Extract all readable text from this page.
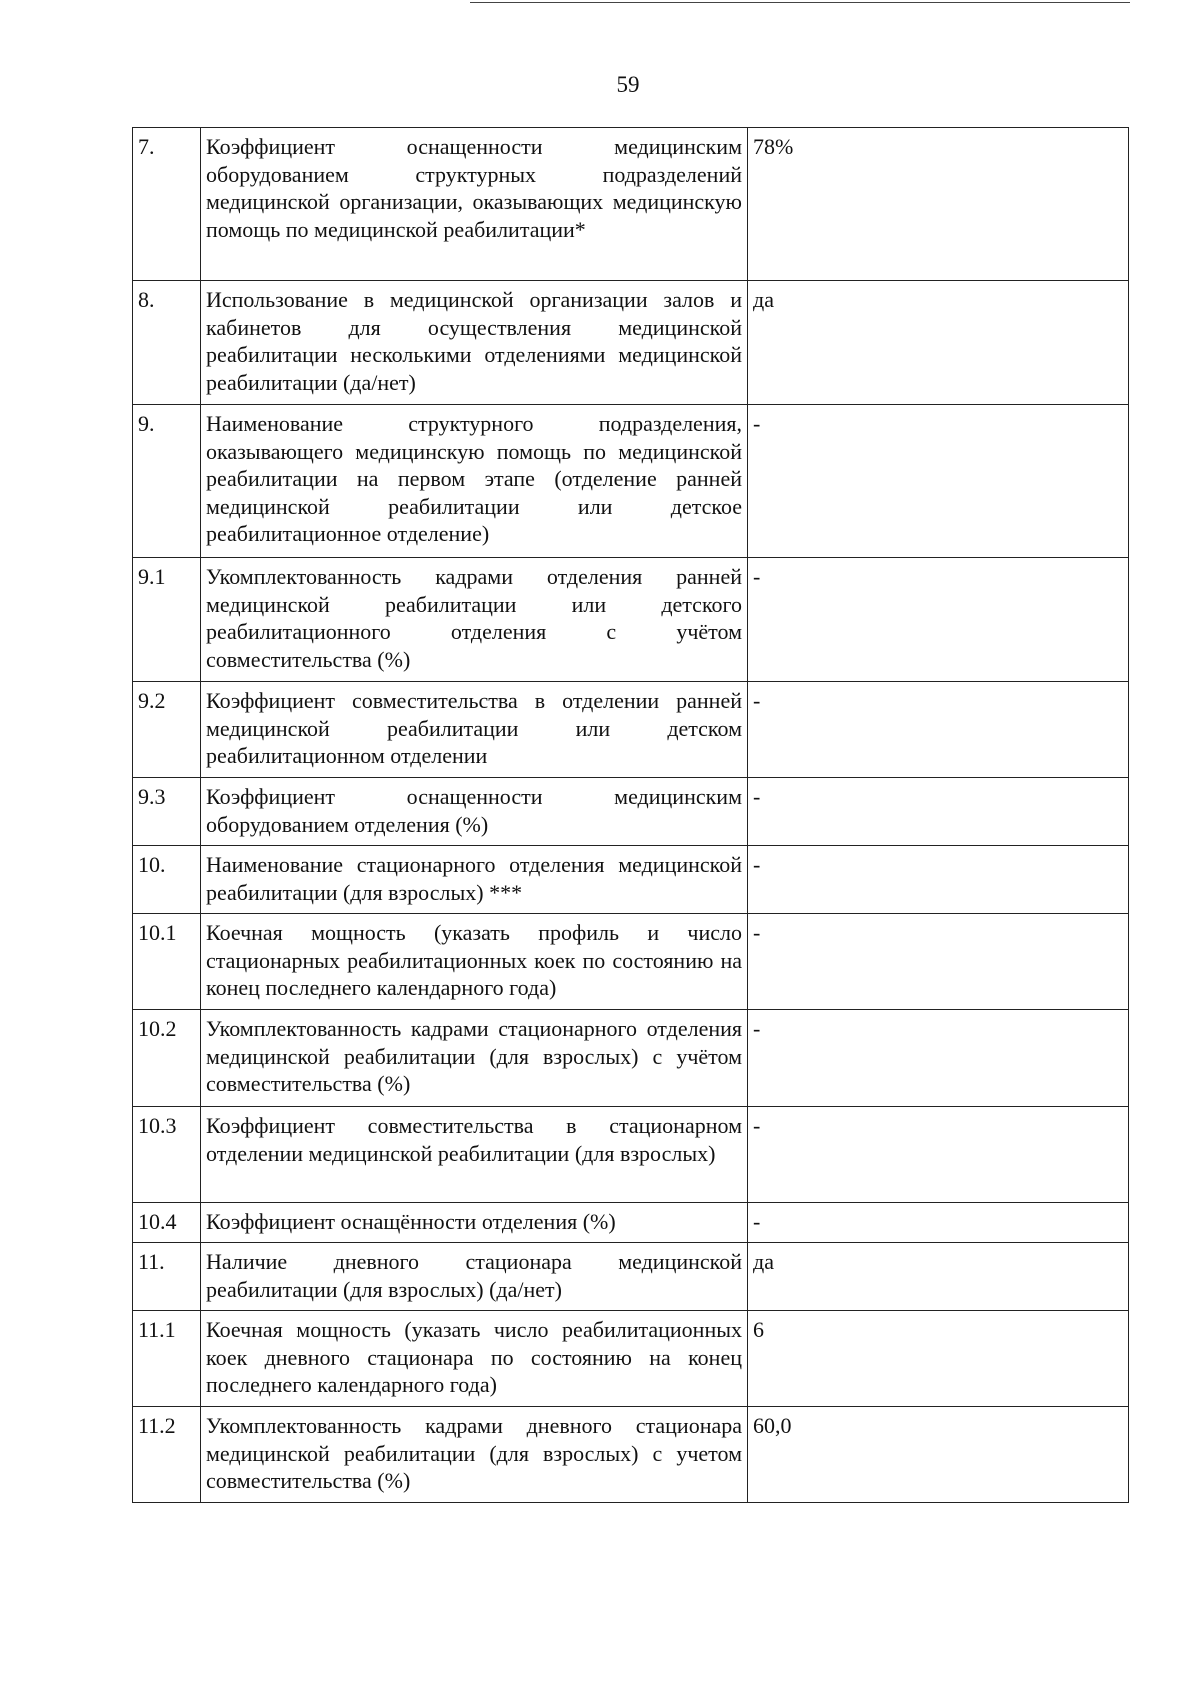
59
7.	Коэффициент оснащенности медицинским оборудованием структурных подразделений медицинской организации, оказывающих медицинскую помощь по медицинской реабилитации*	78%
8.	Использование в медицинской организации залов и кабинетов для осуществления медицинской реабилитации несколькими отделениями медицинской реабилитации (да/нет)	да
9.	Наименование структурного подразделения, оказывающего медицинскую помощь по медицинской реабилитации на первом этапе (отделение ранней медицинской реабилитации или детское реабилитационное отделение)	-
9.1	Укомплектованность кадрами отделения ранней медицинской реабилитации или детского реабилитационного отделения с учётом совместительства (%)	-
9.2	Коэффициент совместительства в отделении ранней медицинской реабилитации или детском реабилитационном отделении	-
9.3	Коэффициент оснащенности медицинским оборудованием отделения (%)	-
10.	Наименование стационарного отделения медицинской реабилитации (для взрослых) ***	-
10.1	Коечная мощность (указать профиль и число стационарных реабилитационных коек по состоянию на конец последнего календарного года)	-
10.2	Укомплектованность кадрами стационарного отделения медицинской реабилитации (для взрослых) с учётом совместительства (%)	-
10.3	Коэффициент совместительства в стационарном отделении медицинской реабилитации (для взрослых)	-
10.4	Коэффициент оснащённости отделения (%)	-
11.	Наличие дневного стационара медицинской реабилитации (для взрослых) (да/нет)	да
11.1	Коечная мощность (указать число реабилитационных коек дневного стационара по состоянию на конец последнего календарного года)	6
11.2	Укомплектованность кадрами дневного стационара медицинской реабилитации (для взрослых) с учетом совместительства (%)	60,0
